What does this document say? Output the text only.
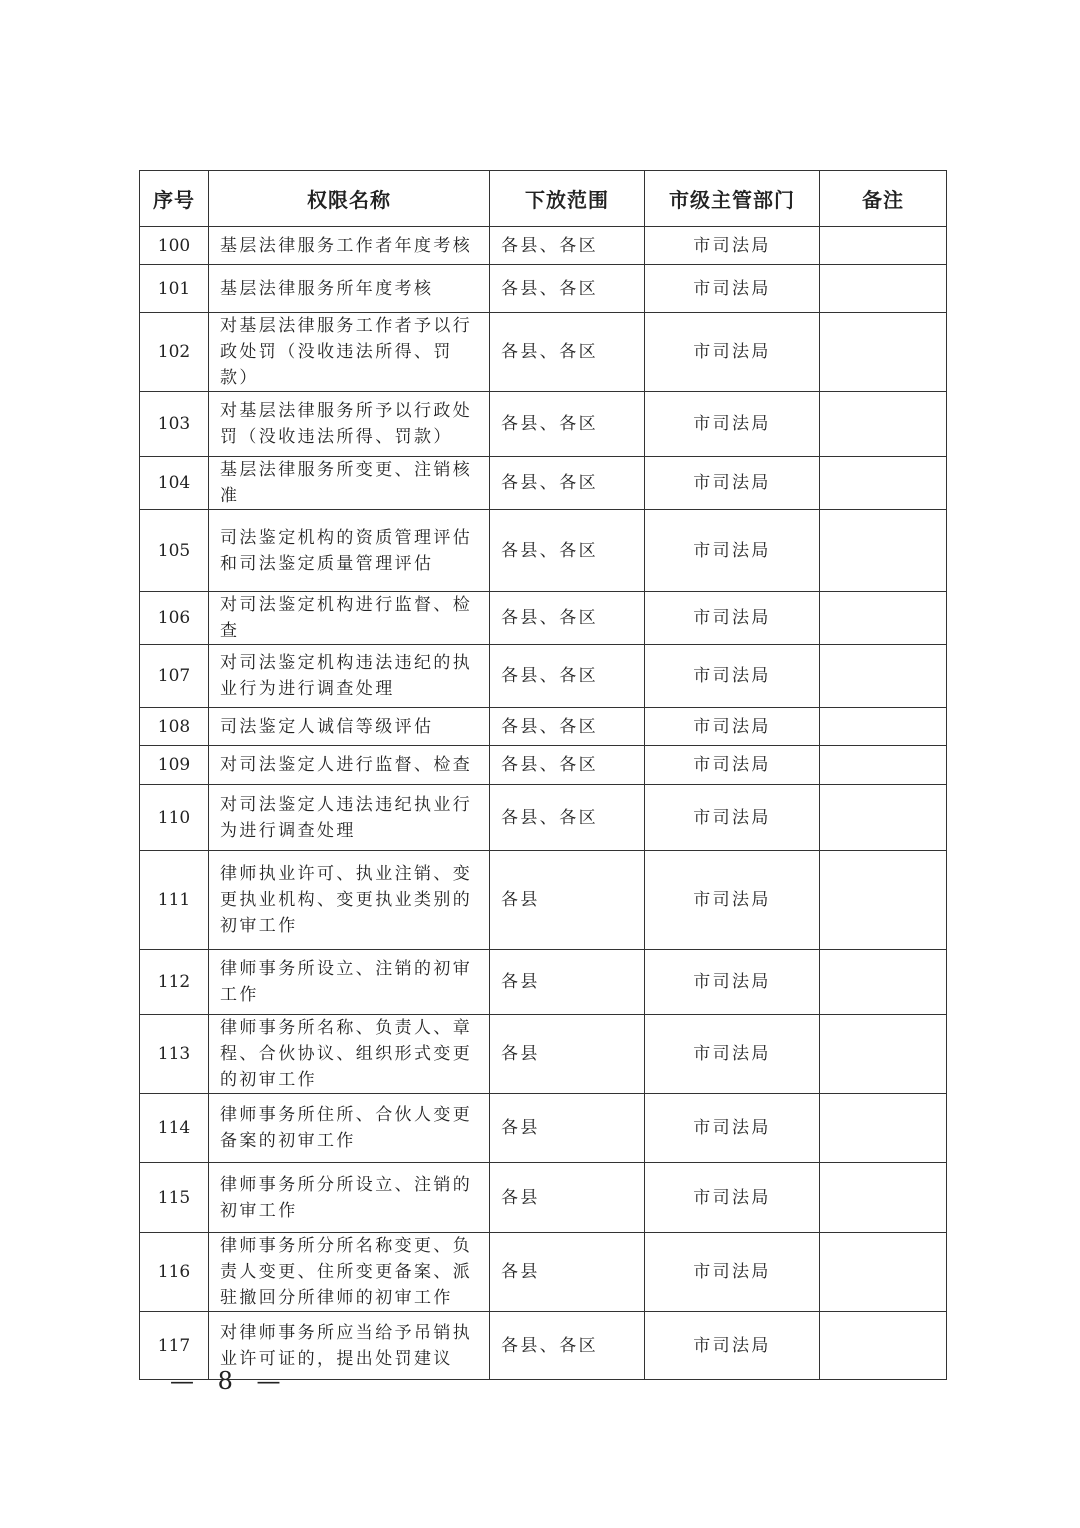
序号	权限名称	下放范围	市级主管部门	备注
100	基层法律服务工作者年度考核	各县、各区	市司法局	
101	基层法律服务所年度考核	各县、各区	市司法局	
102	对基层法律服务工作者予以行政处罚（没收违法所得、罚款）	各县、各区	市司法局	
103	对基层法律服务所予以行政处罚（没收违法所得、罚款）	各县、各区	市司法局	
104	基层法律服务所变更、注销核准	各县、各区	市司法局	
105	司法鉴定机构的资质管理评估和司法鉴定质量管理评估	各县、各区	市司法局	
106	对司法鉴定机构进行监督、检查	各县、各区	市司法局	
107	对司法鉴定机构违法违纪的执业行为进行调查处理	各县、各区	市司法局	
108	司法鉴定人诚信等级评估	各县、各区	市司法局	
109	对司法鉴定人进行监督、检查	各县、各区	市司法局	
110	对司法鉴定人违法违纪执业行为进行调查处理	各县、各区	市司法局	
111	律师执业许可、执业注销、变更执业机构、变更执业类别的初审工作	各县	市司法局	
112	律师事务所设立、注销的初审工作	各县	市司法局	
113	律师事务所名称、负责人、章程、合伙协议、组织形式变更的初审工作	各县	市司法局	
114	律师事务所住所、合伙人变更备案的初审工作	各县	市司法局	
115	律师事务所分所设立、注销的初审工作	各县	市司法局	
116	律师事务所分所名称变更、负责人变更、住所变更备案、派驻撤回分所律师的初审工作	各县	市司法局	
117	对律师事务所应当给予吊销执业许可证的，提出处罚建议	各县、各区	市司法局	
— 8 —
